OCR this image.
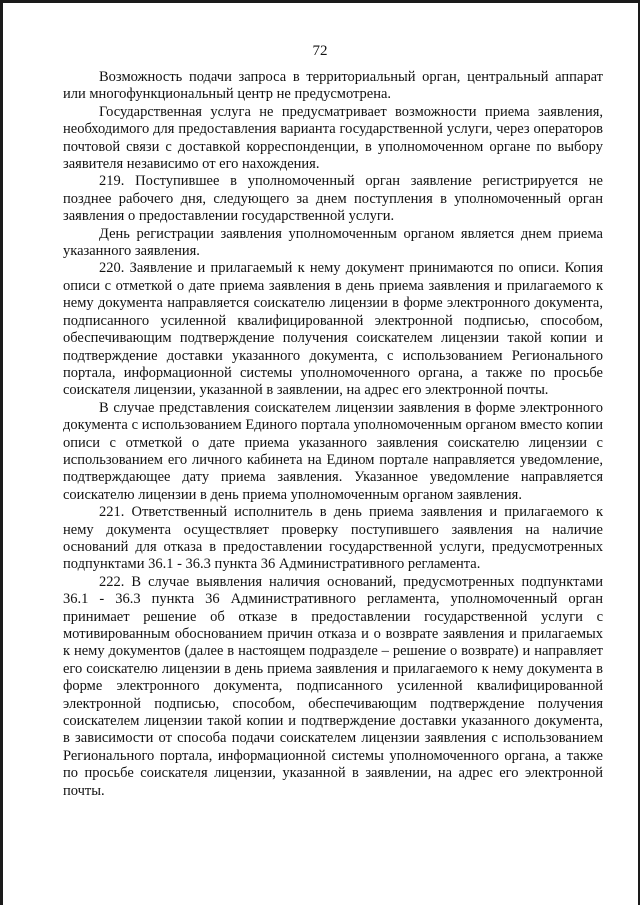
72

Возможность подачи запроса в территориальный орган, центральный аппарат или многофункциональный центр не предусмотрена.

Государственная услуга не предусматривает возможности приема заявления, необходимого для предоставления варианта государственной услуги, через операторов почтовой связи с доставкой корреспонденции, в уполномоченном органе по выбору заявителя независимо от его нахождения.

219. Поступившее в уполномоченный орган заявление регистрируется не позднее рабочего дня, следующего за днем поступления в уполномоченный орган заявления о предоставлении государственной услуги.

День регистрации заявления уполномоченным органом является днем приема указанного заявления.

220. Заявление и прилагаемый к нему документ принимаются по описи. Копия описи с отметкой о дате приема заявления в день приема заявления и прилагаемого к нему документа направляется соискателю лицензии в форме электронного документа, подписанного усиленной квалифицированной электронной подписью, способом, обеспечивающим подтверждение получения соискателем лицензии такой копии и подтверждение доставки указанного документа, с использованием Регионального портала, информационной системы уполномоченного органа, а также по просьбе соискателя лицензии, указанной в заявлении, на адрес его электронной почты.

В случае представления соискателем лицензии заявления в форме электронного документа с использованием Единого портала уполномоченным органом вместо копии описи с отметкой о дате приема указанного заявления соискателю лицензии с использованием его личного кабинета на Едином портале направляется уведомление, подтверждающее дату приема заявления. Указанное уведомление направляется соискателю лицензии в день приема уполномоченным органом заявления.

221. Ответственный исполнитель в день приема заявления и прилагаемого к нему документа осуществляет проверку поступившего заявления на наличие оснований для отказа в предоставлении государственной услуги, предусмотренных подпунктами 36.1 - 36.3 пункта 36 Административного регламента.

222. В случае выявления наличия оснований, предусмотренных подпунктами 36.1 - 36.3 пункта 36 Административного регламента, уполномоченный орган принимает решение об отказе в предоставлении государственной услуги с мотивированным обоснованием причин отказа и о возврате заявления и прилагаемых к нему документов (далее в настоящем подразделе – решение о возврате) и направляет его соискателю лицензии в день приема заявления и прилагаемого к нему документа в форме электронного документа, подписанного усиленной квалифицированной электронной подписью, способом, обеспечивающим подтверждение получения соискателем лицензии такой копии и подтверждение доставки указанного документа, в зависимости от способа подачи соискателем лицензии заявления с использованием Регионального портала, информационной системы уполномоченного органа, а также по просьбе соискателя лицензии, указанной в заявлении, на адрес его электронной почты.
